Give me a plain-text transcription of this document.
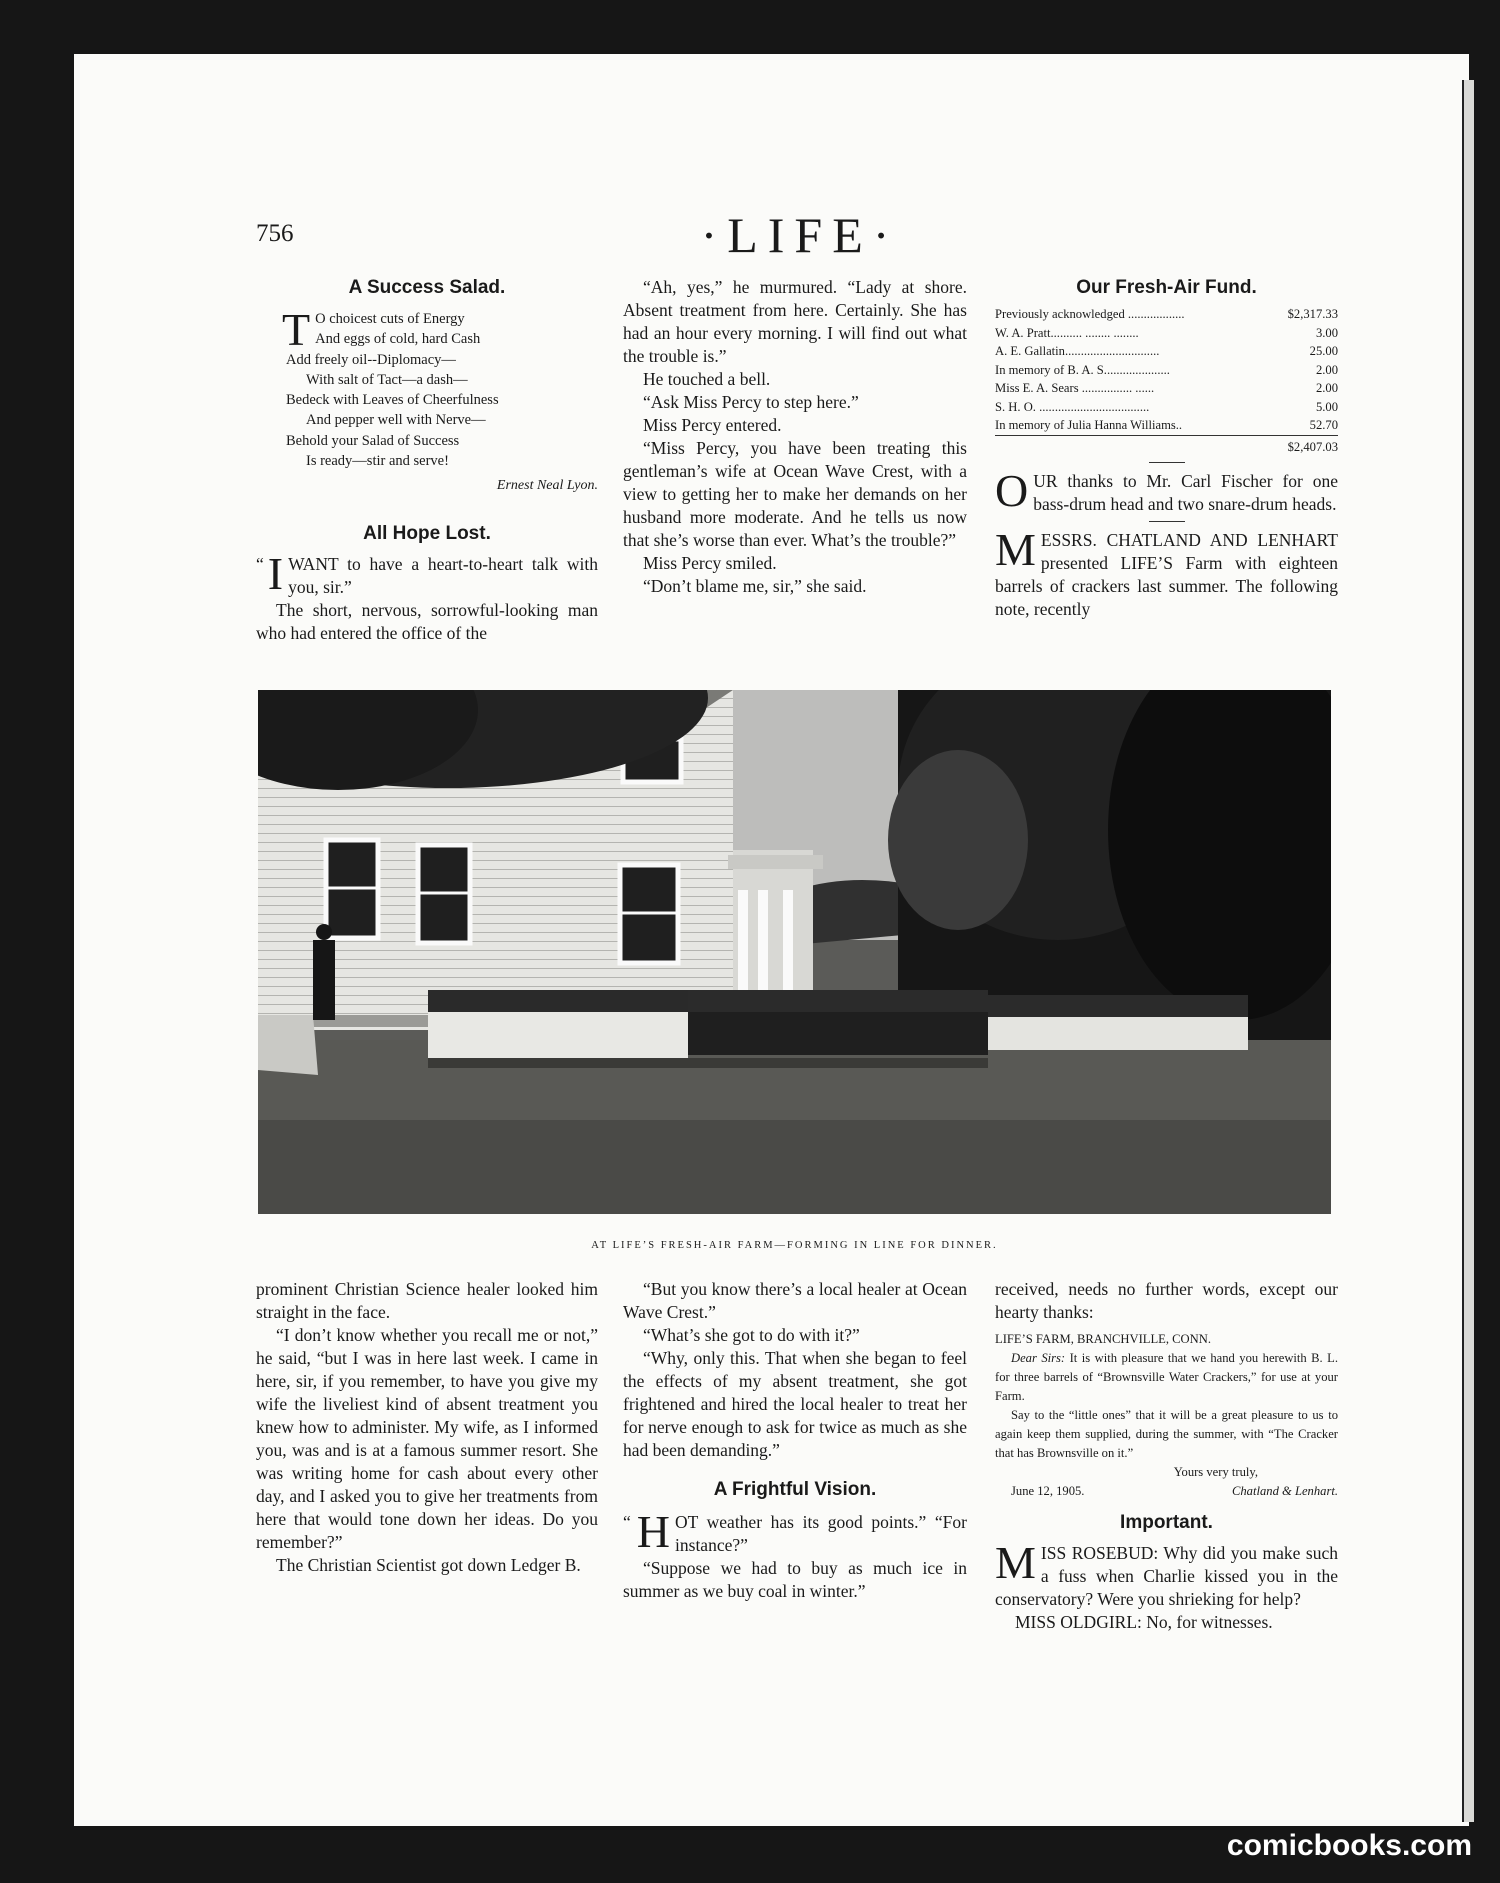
756	·LIFE·

A Success Salad.

T O choicest cuts of Energy
And eggs of cold, hard Cash
Add freely oil--Diplomacy—
With salt of Tact—a dash—
Bedeck with Leaves of Cheerfulness
And pepper well with Nerve—
Behold your Salad of Success
Is ready—stir and serve!

Ernest Neal Lyon.

All Hope Lost.

“ I WANT to have a heart-to-heart talk with you, sir.”

The short, nervous, sorrowful-looking man who had entered the office of the

“Ah, yes,” he murmured. “Lady at shore. Absent treatment from here. Certainly. She has had an hour every morning. I will find out what the trouble is.”

He touched a bell.

“Ask Miss Percy to step here.”

Miss Percy entered.

“Miss Percy, you have been treating this gentleman’s wife at Ocean Wave Crest, with a view to getting her to make her demands on her husband more moderate. And he tells us now that she’s worse than ever. What’s the trouble?”

Miss Percy smiled.

“Don’t blame me, sir,” she said.

Our Fresh-Air Fund.

Previously acknowledged ..................	$2,317.33
W. A. Pratt.......... ........ ........	3.00
A. E. Gallatin..............................	25.00
In memory of B. A. S.....................	2.00
Miss E. A. Sears ................ ......	2.00
S. H. O. ...................................	5.00
In memory of Julia Hanna Williams..	52.70
	$2,407.03
O UR thanks to Mr. Carl Fischer for one bass-drum head and two snare-drum heads.
M ESSRS. CHATLAND AND LENHART presented LIFE’S Farm with eighteen barrels of crackers last summer. The following note, recently
AT LIFE’S FRESH-AIR FARM—FORMING IN LINE FOR DINNER.

prominent Christian Science healer looked him straight in the face.

“I don’t know whether you recall me or not,” he said, “but I was in here last week. I came in here, sir, if you remember, to have you give my wife the liveliest kind of absent treatment you knew how to administer. My wife, as I informed you, was and is at a famous summer resort. She was writing home for cash about every other day, and I asked you to give her treatments from here that would tone down her ideas. Do you remember?”

The Christian Scientist got down Ledger B.

“But you know there’s a local healer at Ocean Wave Crest.”

“What’s she got to do with it?”

“Why, only this. That when she began to feel the effects of my absent treatment, she got frightened and hired the local healer to treat her for nerve enough to ask for twice as much as she had been demanding.”

A Frightful Vision.

“ H OT weather has its good points.” “For instance?”

“Suppose we had to buy as much ice in summer as we buy coal in winter.”

received, needs no further words, except our hearty thanks:

LIFE’S FARM, BRANCHVILLE, CONN.

Dear Sirs: It is with pleasure that we hand you herewith B. L. for three barrels of “Brownsville Water Crackers,” for use at your Farm.

Say to the “little ones” that it will be a great pleasure to us to again keep them supplied, during the summer, with “The Cracker that has Brownsville on it.”

Yours very truly,

June 12, 1905.	Chatland & Lenhart.

Important.

M ISS ROSEBUD: Why did you make such a fuss when Charlie kissed you in the conservatory? Were you shrieking for help?

MISS OLDGIRL: No, for witnesses.

comicbooks.com
